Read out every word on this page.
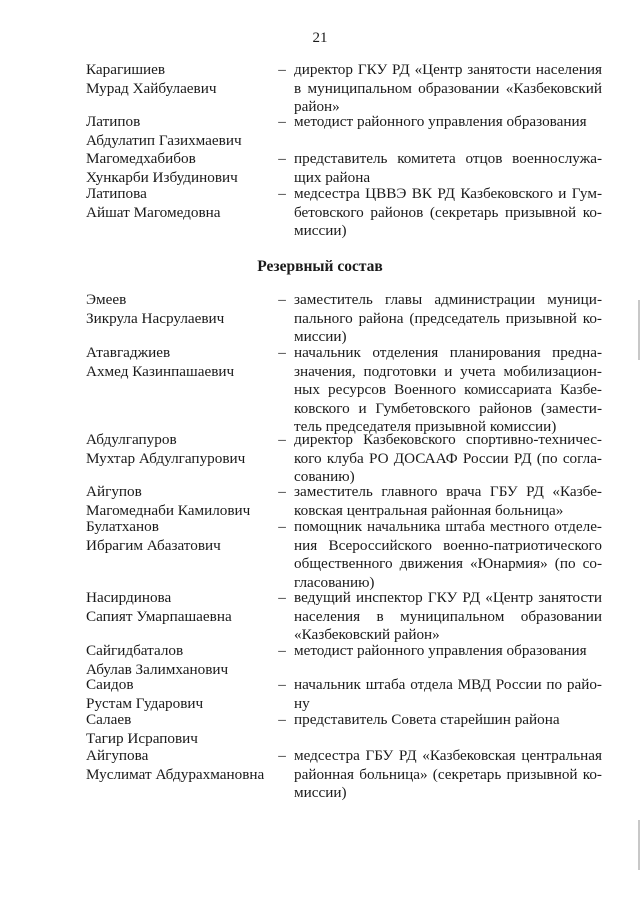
21
Карагишиев
Мурад Хайбулаевич
– директор ГКУ РД «Центр занятости населения
в муниципальном образовании «Казбековский
район»
Латипов
Абдулатип Газихмаевич
– методист районного управления образования
Магомедхабибов
Хункарби Избудинович
– представитель комитета отцов военнослужа-
щих района
Латипова
Айшат Магомедовна
– медсестра ЦВВЭ ВК РД Казбековского и Гум-
бетовского районов (секретарь призывной ко-
миссии)
Резервный состав
Эмеев
Зикрула Насрулаевич
– заместитель главы администрации муници-
пального района (председатель призывной ко-
миссии)
Атавгаджиев
Ахмед Казинпашаевич
– начальник отделения планирования предна-
значения, подготовки и учета мобилизацион-
ных ресурсов Военного комиссариата Казбе-
ковского и Гумбетовского районов (замести-
тель председателя призывной комиссии)
Абдулгапуров
Мухтар Абдулгапурович
– директор Казбековского спортивно-техничес-
кого клуба РО ДОСААФ России РД (по согла-
сованию)
Айгупов
Магомеднаби Камилович
– заместитель главного врача ГБУ РД «Казбе-
ковская центральная районная больница»
Булатханов
Ибрагим Абазатович
– помощник начальника штаба местного отделе-
ния Всероссийского военно-патриотического
общественного движения «Юнармия» (по со-
гласованию)
Насирдинова
Сапият Умарпашаевна
– ведущий инспектор ГКУ РД «Центр занятости
населения в муниципальном образовании
«Казбековский район»
Сайгидбаталов
Абулав Залимханович
– методист районного управления образования
Саидов
Рустам Гударович
– начальник штаба отдела МВД России по райо-
ну
Салаев
Тагир Исрапович
– представитель Совета старейшин района
Айгупова
Муслимат Абдурахмановна
– медсестра ГБУ РД «Казбековская центральная
районная больница» (секретарь призывной ко-
миссии)
